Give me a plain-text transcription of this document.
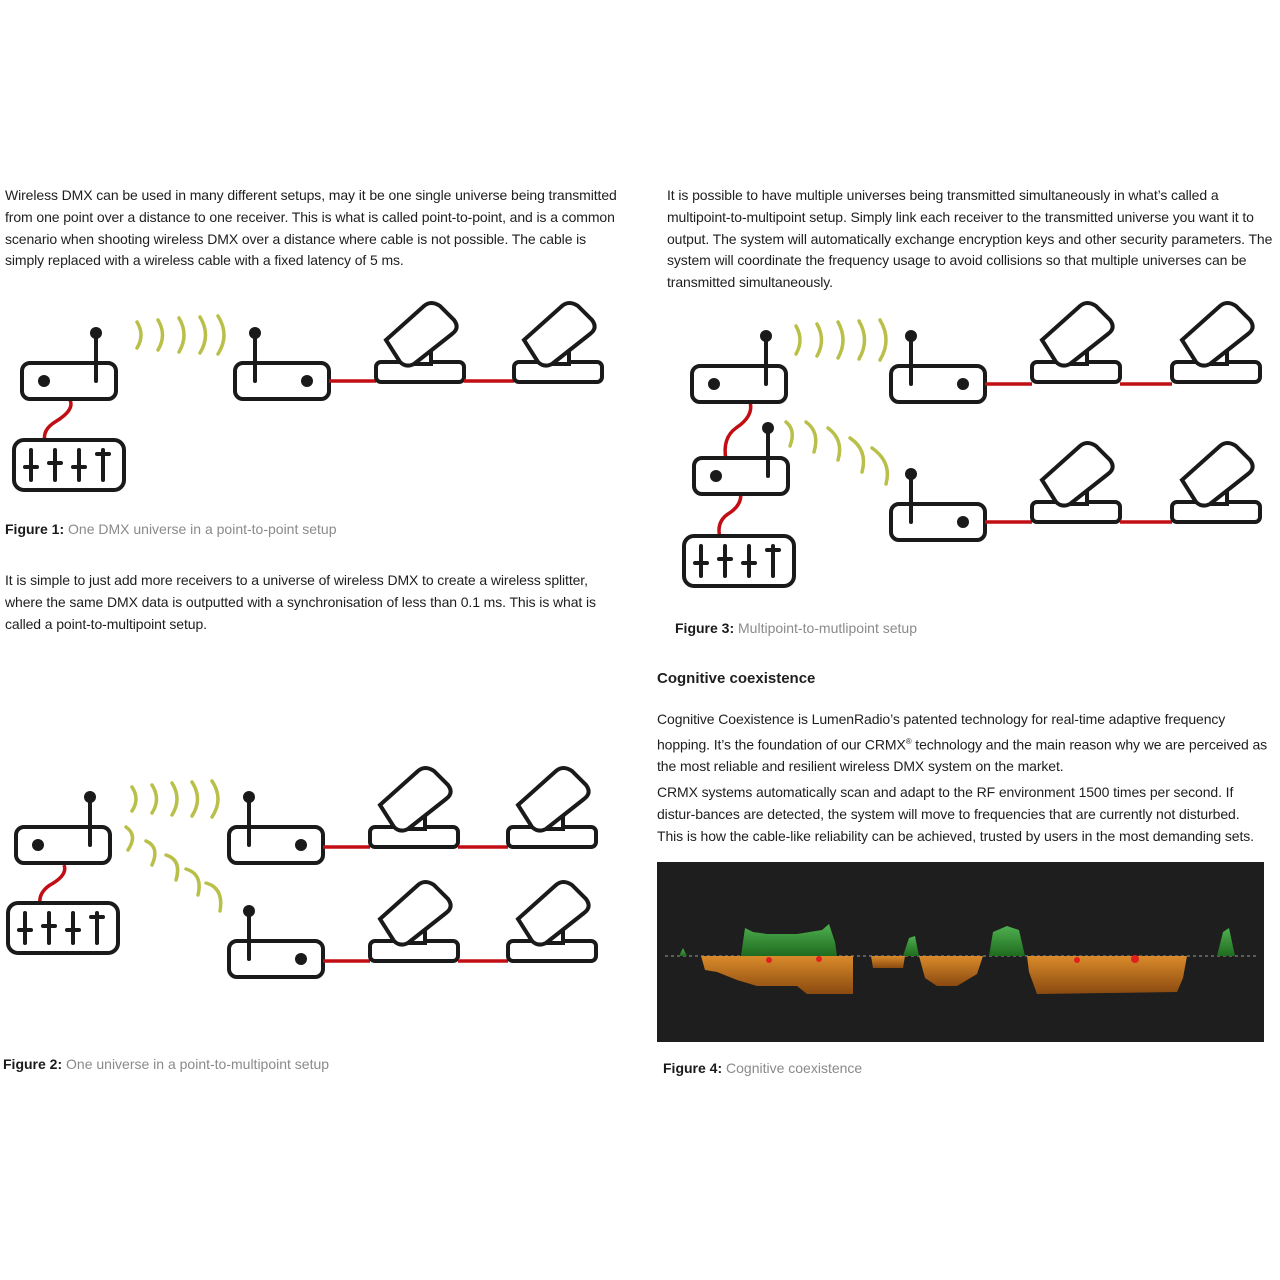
Wireless DMX can be used in many different setups, may it be one single universe being transmitted from one point over a distance to one receiver. This is what is called point-to-point, and is a common scenario when shooting wireless DMX over a distance where cable is not possible. The cable is simply replaced with a wireless cable with a fixed latency of 5 ms.

Figure 1: One DMX universe in a point-to-point setup

It is simple to just add more receivers to a universe of wireless DMX to create a wireless splitter, where the same DMX data is outputted with a synchronisation of less than 0.1 ms. This is what is called a point-to-multipoint setup.

Figure 2: One universe in a point-to-multipoint setup

It is possible to have multiple universes being transmitted simultaneously in what’s called a multipoint-to-multipoint setup. Simply link each receiver to the transmitted universe you want it to output. The system will automatically exchange encryption keys and other security parameters. The system will coordinate the frequency usage to avoid collisions so that multiple universes can be transmitted simultaneously.

Figure 3: Multipoint-to-mutlipoint setup

Cognitive coexistence

Cognitive Coexistence is LumenRadio’s patented technology for real-time adaptive frequency hopping. It’s the foundation of our CRMX® technology and the main reason why we are perceived as the most reliable and resilient wireless DMX system on the market.

CRMX systems automatically scan and adapt to the RF environment 1500 times per second. If distur-bances are detected, the system will move to frequencies that are currently not disturbed. This is how the cable-like reliability can be achieved, trusted by users in the most demanding sets.

Figure 4: Cognitive coexistence
